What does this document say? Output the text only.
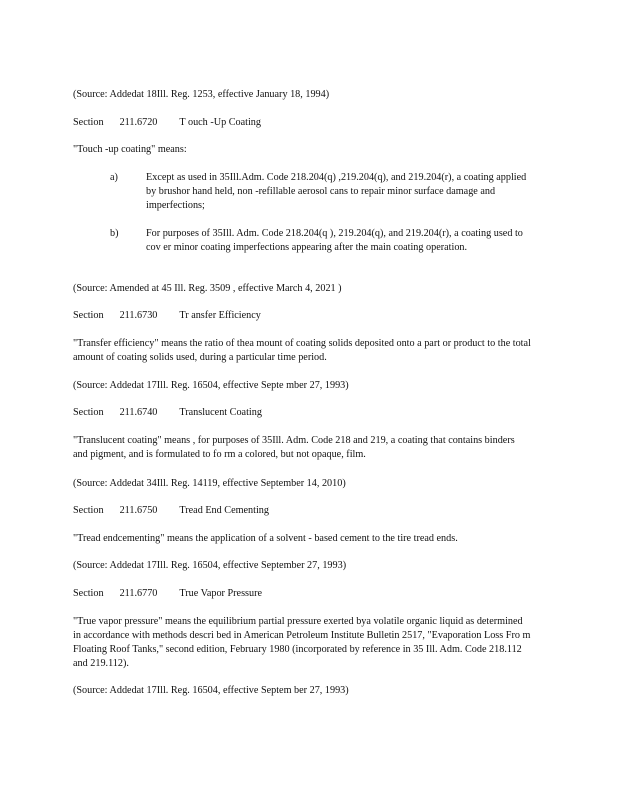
(Source: Addedat 18Ill. Reg. 1253, effective January 18, 1994)

Section 211.6720 T ouch -Up Coating

"Touch -up coating" means:

a)	Except as used in 35Ill.Adm. Code 218.204(q) ,219.204(q), and 219.204(r), a coating applied by brushor hand held, non -refillable aerosol cans to repair minor surface damage and imperfections;
b)	For purposes of 35Ill. Adm. Code 218.204(q ), 219.204(q), and 219.204(r), a coating used to cov er minor coating imperfections appearing after the main coating operation.

(Source: Amended at 45 Ill. Reg. 3509 , effective March 4, 2021 )

Section 211.6730 Tr ansfer Efficiency

"Transfer efficiency" means the ratio of thea mount of coating solids deposited onto a part or product to the total amount of coating solids used, during a particular time period.

(Source: Addedat 17Ill. Reg. 16504, effective Septe mber 27, 1993)

Section 211.6740 Translucent Coating

"Translucent coating" means , for purposes of 35Ill. Adm. Code 218 and 219, a coating that contains binders and pigment, and is formulated to fo rm a colored, but not opaque, film.

(Source: Addedat 34Ill. Reg. 14119, effective September 14, 2010)

Section 211.6750 Tread End Cementing

"Tread endcementing" means the application of a solvent - based cement to the tire tread ends.

(Source: Addedat 17Ill. Reg. 16504, effective September 27, 1993)

Section 211.6770 True Vapor Pressure

"True vapor pressure" means the equilibrium partial pressure exerted bya volatile organic liquid as determined in accordance with methods descri bed in American Petroleum Institute Bulletin 2517, "Evaporation Loss Fro m Floating Roof Tanks," second edition, February 1980 (incorporated by reference in 35 Ill. Adm. Code 218.112 and 219.112).

(Source: Addedat 17Ill. Reg. 16504, effective Septem ber 27, 1993)
